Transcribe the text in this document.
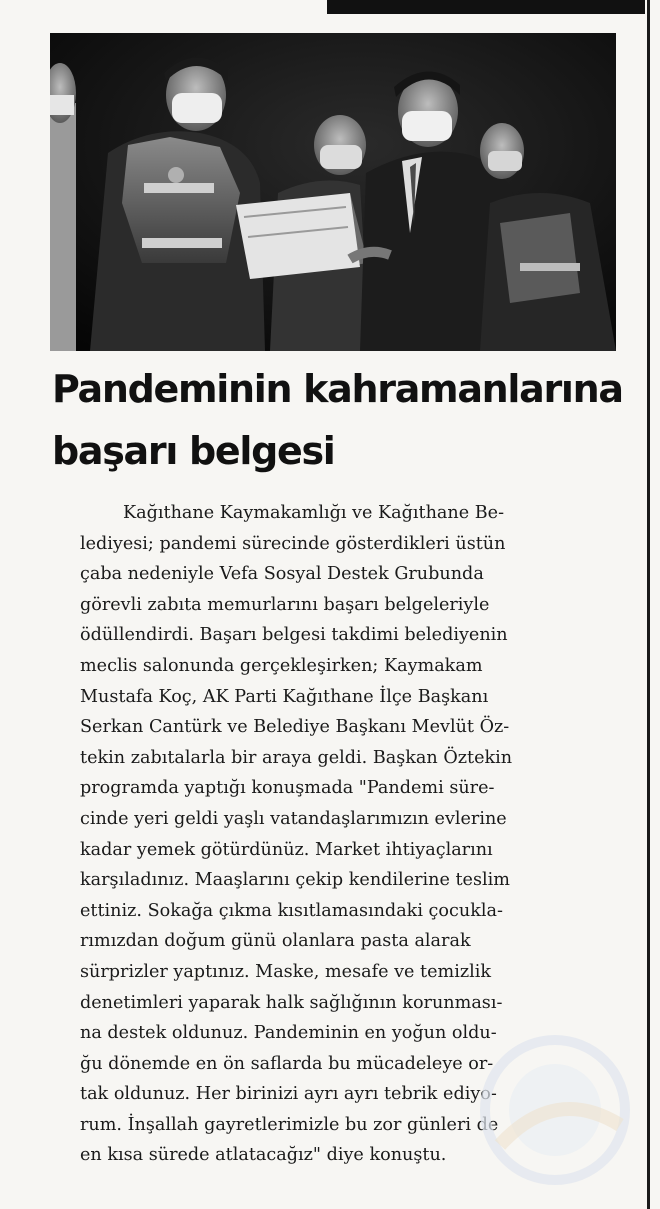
Pandeminin kahramanlarına
başarı belgesi
Kağıthane Kaymakamlığı ve Kağıthane Be-
lediyesi; pandemi sürecinde gösterdikleri üstün
çaba nedeniyle Vefa Sosyal Destek Grubunda
görevli zabıta memurlarını başarı belgeleriyle
ödüllendirdi. Başarı belgesi takdimi belediyenin
meclis salonunda gerçekleşirken; Kaymakam
Mustafa Koç, AK Parti Kağıthane İlçe Başkanı
Serkan Cantürk ve Belediye Başkanı Mevlüt Öz-
tekin zabıtalarla bir araya geldi. Başkan Öztekin
programda yaptığı konuşmada "Pandemi süre-
cinde yeri geldi yaşlı vatandaşlarımızın evlerine
kadar yemek götürdünüz. Market ihtiyaçlarını
karşıladınız. Maaşlarını çekip kendilerine teslim
ettiniz. Sokağa çıkma kısıtlamasındaki çocukla-
rımızdan doğum günü olanlara pasta alarak
sürprizler yaptınız. Maske, mesafe ve temizlik
denetimleri yaparak halk sağlığının korunması-
na destek oldunuz. Pandeminin en yoğun oldu-
ğu dönemde en ön saflarda bu mücadeleye or-
tak oldunuz. Her birinizi ayrı ayrı tebrik ediyo-
rum. İnşallah gayretlerimizle bu zor günleri de
en kısa sürede atlatacağız" diye konuştu.
